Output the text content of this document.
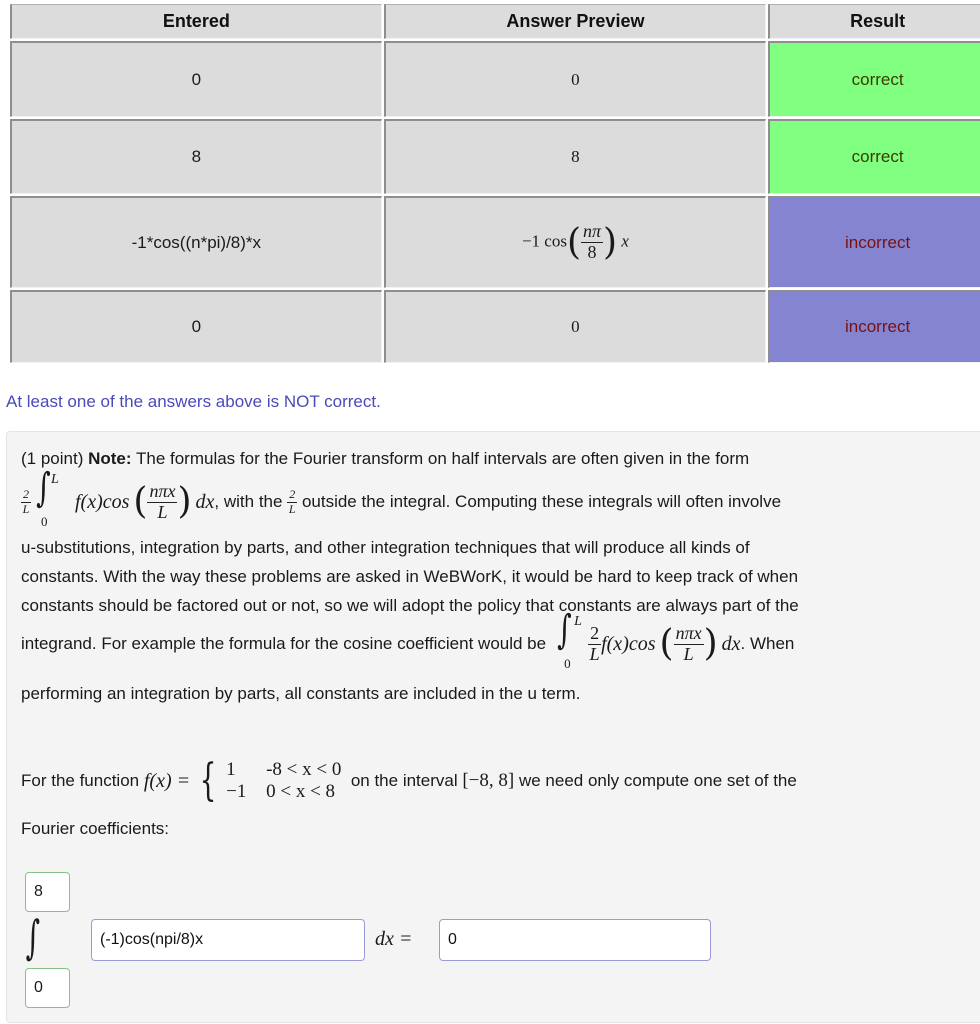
Entered	Answer Preview	Result
0	0	correct
8	8	correct
-1*cos((n*pi)/8)*x	−1 $\cos( \frac{n\pi}{8}$ ) x	incorrect
0	0	incorrect
At least one of the answers above is NOT correct.
(1 point) Note: The formulas for the Fourier transform on half intervals are often given in the form
$\frac{2}{L}$ ∫ L
0
f(x)cos ( $\frac{\text{nπx}}{L}$ ) dx , with the
$\frac{2}{L}$
outside the integral. Computing these integrals will often involve
u-substitutions, integration by parts, and other integration techniques that will produce all kinds of
constants. With the way these problems are asked in WeBWorK, it would be hard to keep track of when
constants should be factored out or not, so we will adopt the policy that constants are always part of the
integrand. For example the formula for the cosine coefficient would be ∫ L
$0 \frac{2}{L} f(x)\cos$ ( $\frac{\text{nπx}}{L}$ ) dx . When
performing an integration by parts, all constants are included in the u term.
For the function
f(x) = { 1	-8 < x < 0
−1	0 < x < 8

on the interval
[−8, 8]
we need only compute one set of the
Fourier coefficients:
8
∫
0
(-1)cos(npi/8)x	dx =	0
